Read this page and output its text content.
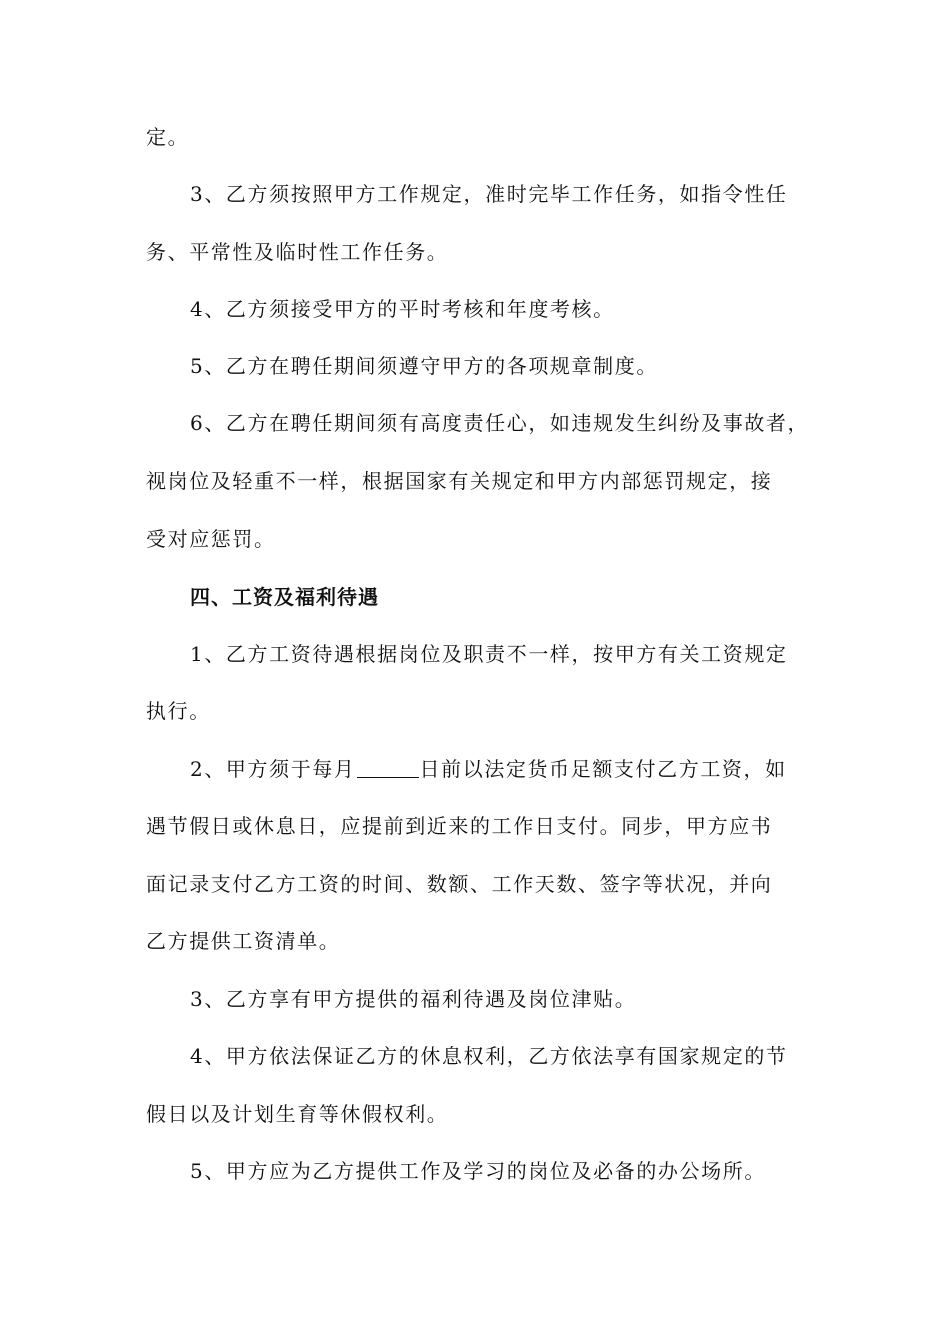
定。
3、乙方须按照甲方工作规定，准时完毕工作任务，如指令性任
务、平常性及临时性工作任务。
4、乙方须接受甲方的平时考核和年度考核。
5、乙方在聘任期间须遵守甲方的各项规章制度。
6、乙方在聘任期间须有高度责任心，如违规发生纠纷及事故者，
视岗位及轻重不一样，根据国家有关规定和甲方内部惩罚规定，接
受对应惩罚。
四、工资及福利待遇
1、乙方工资待遇根据岗位及职责不一样，按甲方有关工资规定
执行。
2、甲方须于每月	日前以法定货币足额支付乙方工资，如
遇节假日或休息日，应提前到近来的工作日支付。同步，甲方应书
面记录支付乙方工资的时间、数额、工作天数、签字等状况，并向
乙方提供工资清单。
3、乙方享有甲方提供的福利待遇及岗位津贴。
4、甲方依法保证乙方的休息权利，乙方依法享有国家规定的节
假日以及计划生育等休假权利。
5、甲方应为乙方提供工作及学习的岗位及必备的办公场所。
